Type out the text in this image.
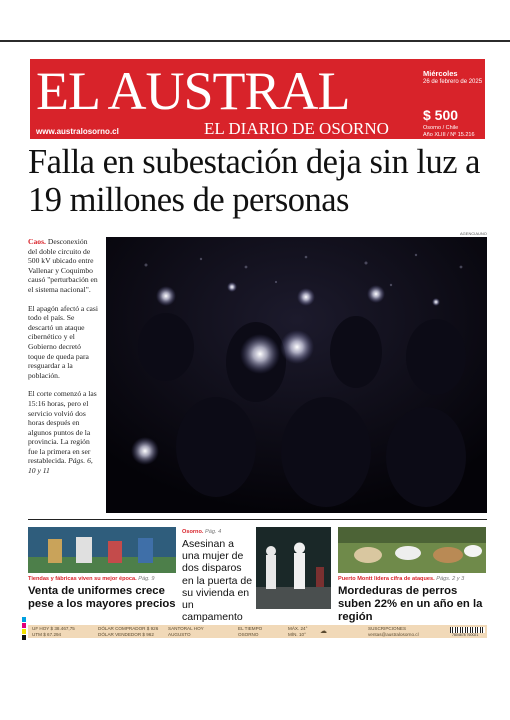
EL AUSTRAL
EL DIARIO DE OSORNO
www.australosorno.cl
Miércoles
26 de febrero de 2025
$ 500
Osorno / Chile
Año XLIII / Nº 15.216
Falla en subestación deja sin luz a 19 millones de personas
AGENCIAUNO

Caos. Desconexión del doble circuito de 500 kV ubicado entre Vallenar y Coquimbo causó "perturbación en el sistema nacional".

El apagón afectó a casi todo el país. Se descartó un ataque cibernético y el Gobierno decretó toque de queda para resguardar a la población.

El corte comenzó a las 15:16 horas, pero el servicio volvió dos horas después en algunos puntos de la provincia. La región fue la primera en ser restablecida. Págs. 6, 10 y 11

Tiendas y fábricas viven su mejor época. Pág. 9
Venta de uniformes crece pese a los mayores precios
Osorno. Pág. 4
Asesinan a una mujer de dos disparos en la puerta de su vivienda en un campamento
Puerto Montt lidera cifra de ataques. Págs. 2 y 3
Mordeduras de perros suben 22% en un año en la región
UF HOY $ 38.467,75
UTM $ 67.294
DÓLAR COMPRADOR $ 926
DÓLAR VENDEDOR $ 962
SANTORAL HOY
AUGUSTO
EL TIEMPO
OSORNO
MÁX. 24°
MÍN. 10° ☁	SUSCRIPCIONES
ventas@australosorno.cl	7804678 760021
